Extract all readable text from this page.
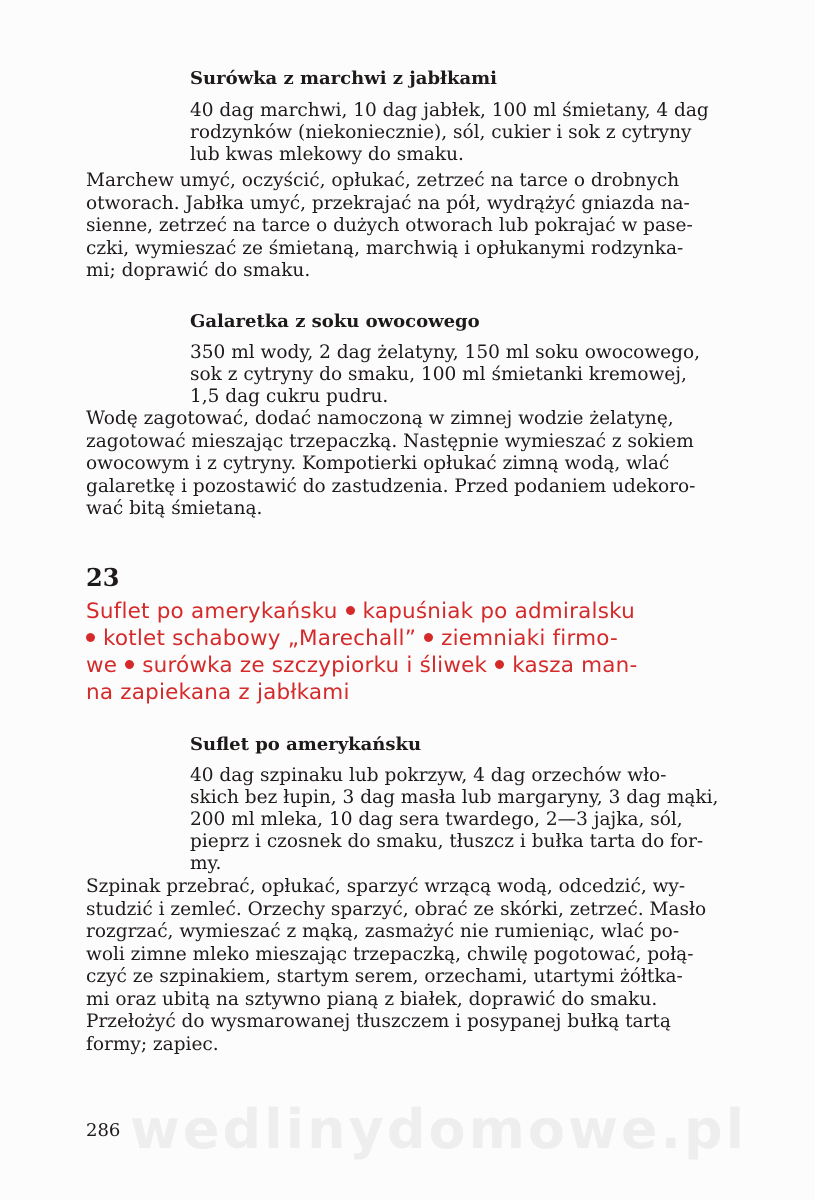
Surówka z marchwi z jabłkami
40 dag marchwi, 10 dag jabłek, 100 ml śmietany, 4 dag
rodzynków (niekoniecznie), sól, cukier i sok z cytryny
lub kwas mlekowy do smaku.
Marchew umyć, oczyścić, opłukać, zetrzeć na tarce o drobnych
otworach. Jabłka umyć, przekrajać na pół, wydrążyć gniazda na-
sienne, zetrzeć na tarce o dużych otworach lub pokrajać w pase-
czki, wymieszać ze śmietaną, marchwią i opłukanymi rodzynka-
mi; doprawić do smaku.
Galaretka z soku owocowego
350 ml wody, 2 dag żelatyny, 150 ml soku owocowego,
sok z cytryny do smaku, 100 ml śmietanki kremowej,
1,5 dag cukru pudru.
Wodę zagotować, dodać namoczoną w zimnej wodzie żelatynę,
zagotować mieszając trzepaczką. Następnie wymieszać z sokiem
owocowym i z cytryny. Kompotierki opłukać zimną wodą, wlać
galaretkę i pozostawić do zastudzenia. Przed podaniem udekoro-
wać bitą śmietaną.
23
Suflet po amerykańsku kapuśniak po admiralsku
kotlet schabowy „Marechall” ziemniaki firmo-
we surówka ze szczypiorku i śliwek kasza man-
na zapiekana z jabłkami
Suflet po amerykańsku
40 dag szpinaku lub pokrzyw, 4 dag orzechów wło-
skich bez łupin, 3 dag masła lub margaryny, 3 dag mąki,
200 ml mleka, 10 dag sera twardego, 2—3 jajka, sól,
pieprz i czosnek do smaku, tłuszcz i bułka tarta do for-
my.
Szpinak przebrać, opłukać, sparzyć wrzącą wodą, odcedzić, wy-
studzić i zemleć. Orzechy sparzyć, obrać ze skórki, zetrzeć. Masło
rozgrzać, wymieszać z mąką, zasmażyć nie rumieniąc, wlać po-
woli zimne mleko mieszając trzepaczką, chwilę pogotować, połą-
czyć ze szpinakiem, startym serem, orzechami, utartymi żółtka-
mi oraz ubitą na sztywno pianą z białek, doprawić do smaku.
Przełożyć do wysmarowanej tłuszczem i posypanej bułką tartą
formy; zapiec.
wedlinydomowe.pl
286
